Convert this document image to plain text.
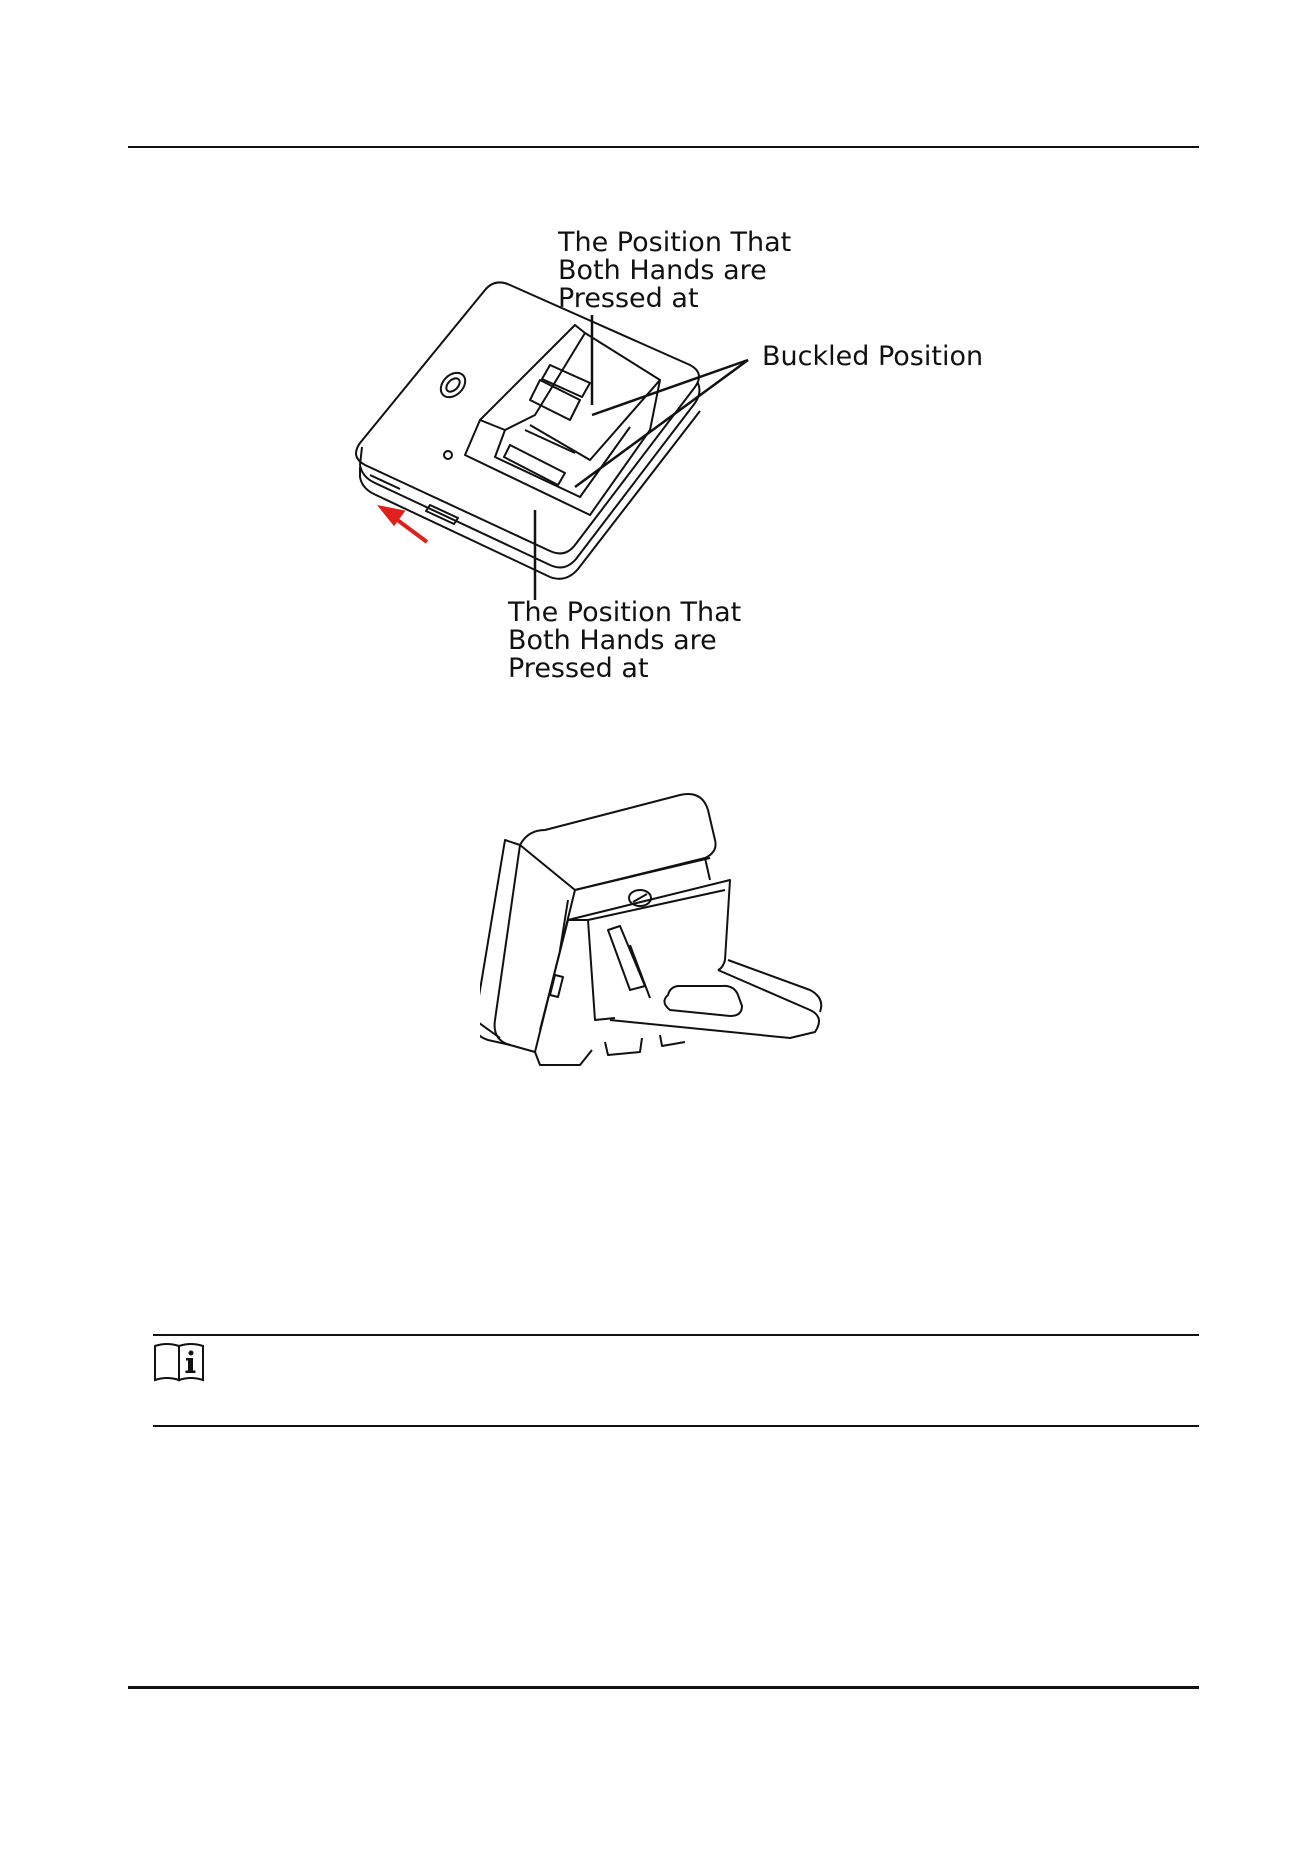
The Position That Both Hands are Pressed at
Buckled Position
The Position That Both Hands are Pressed at
